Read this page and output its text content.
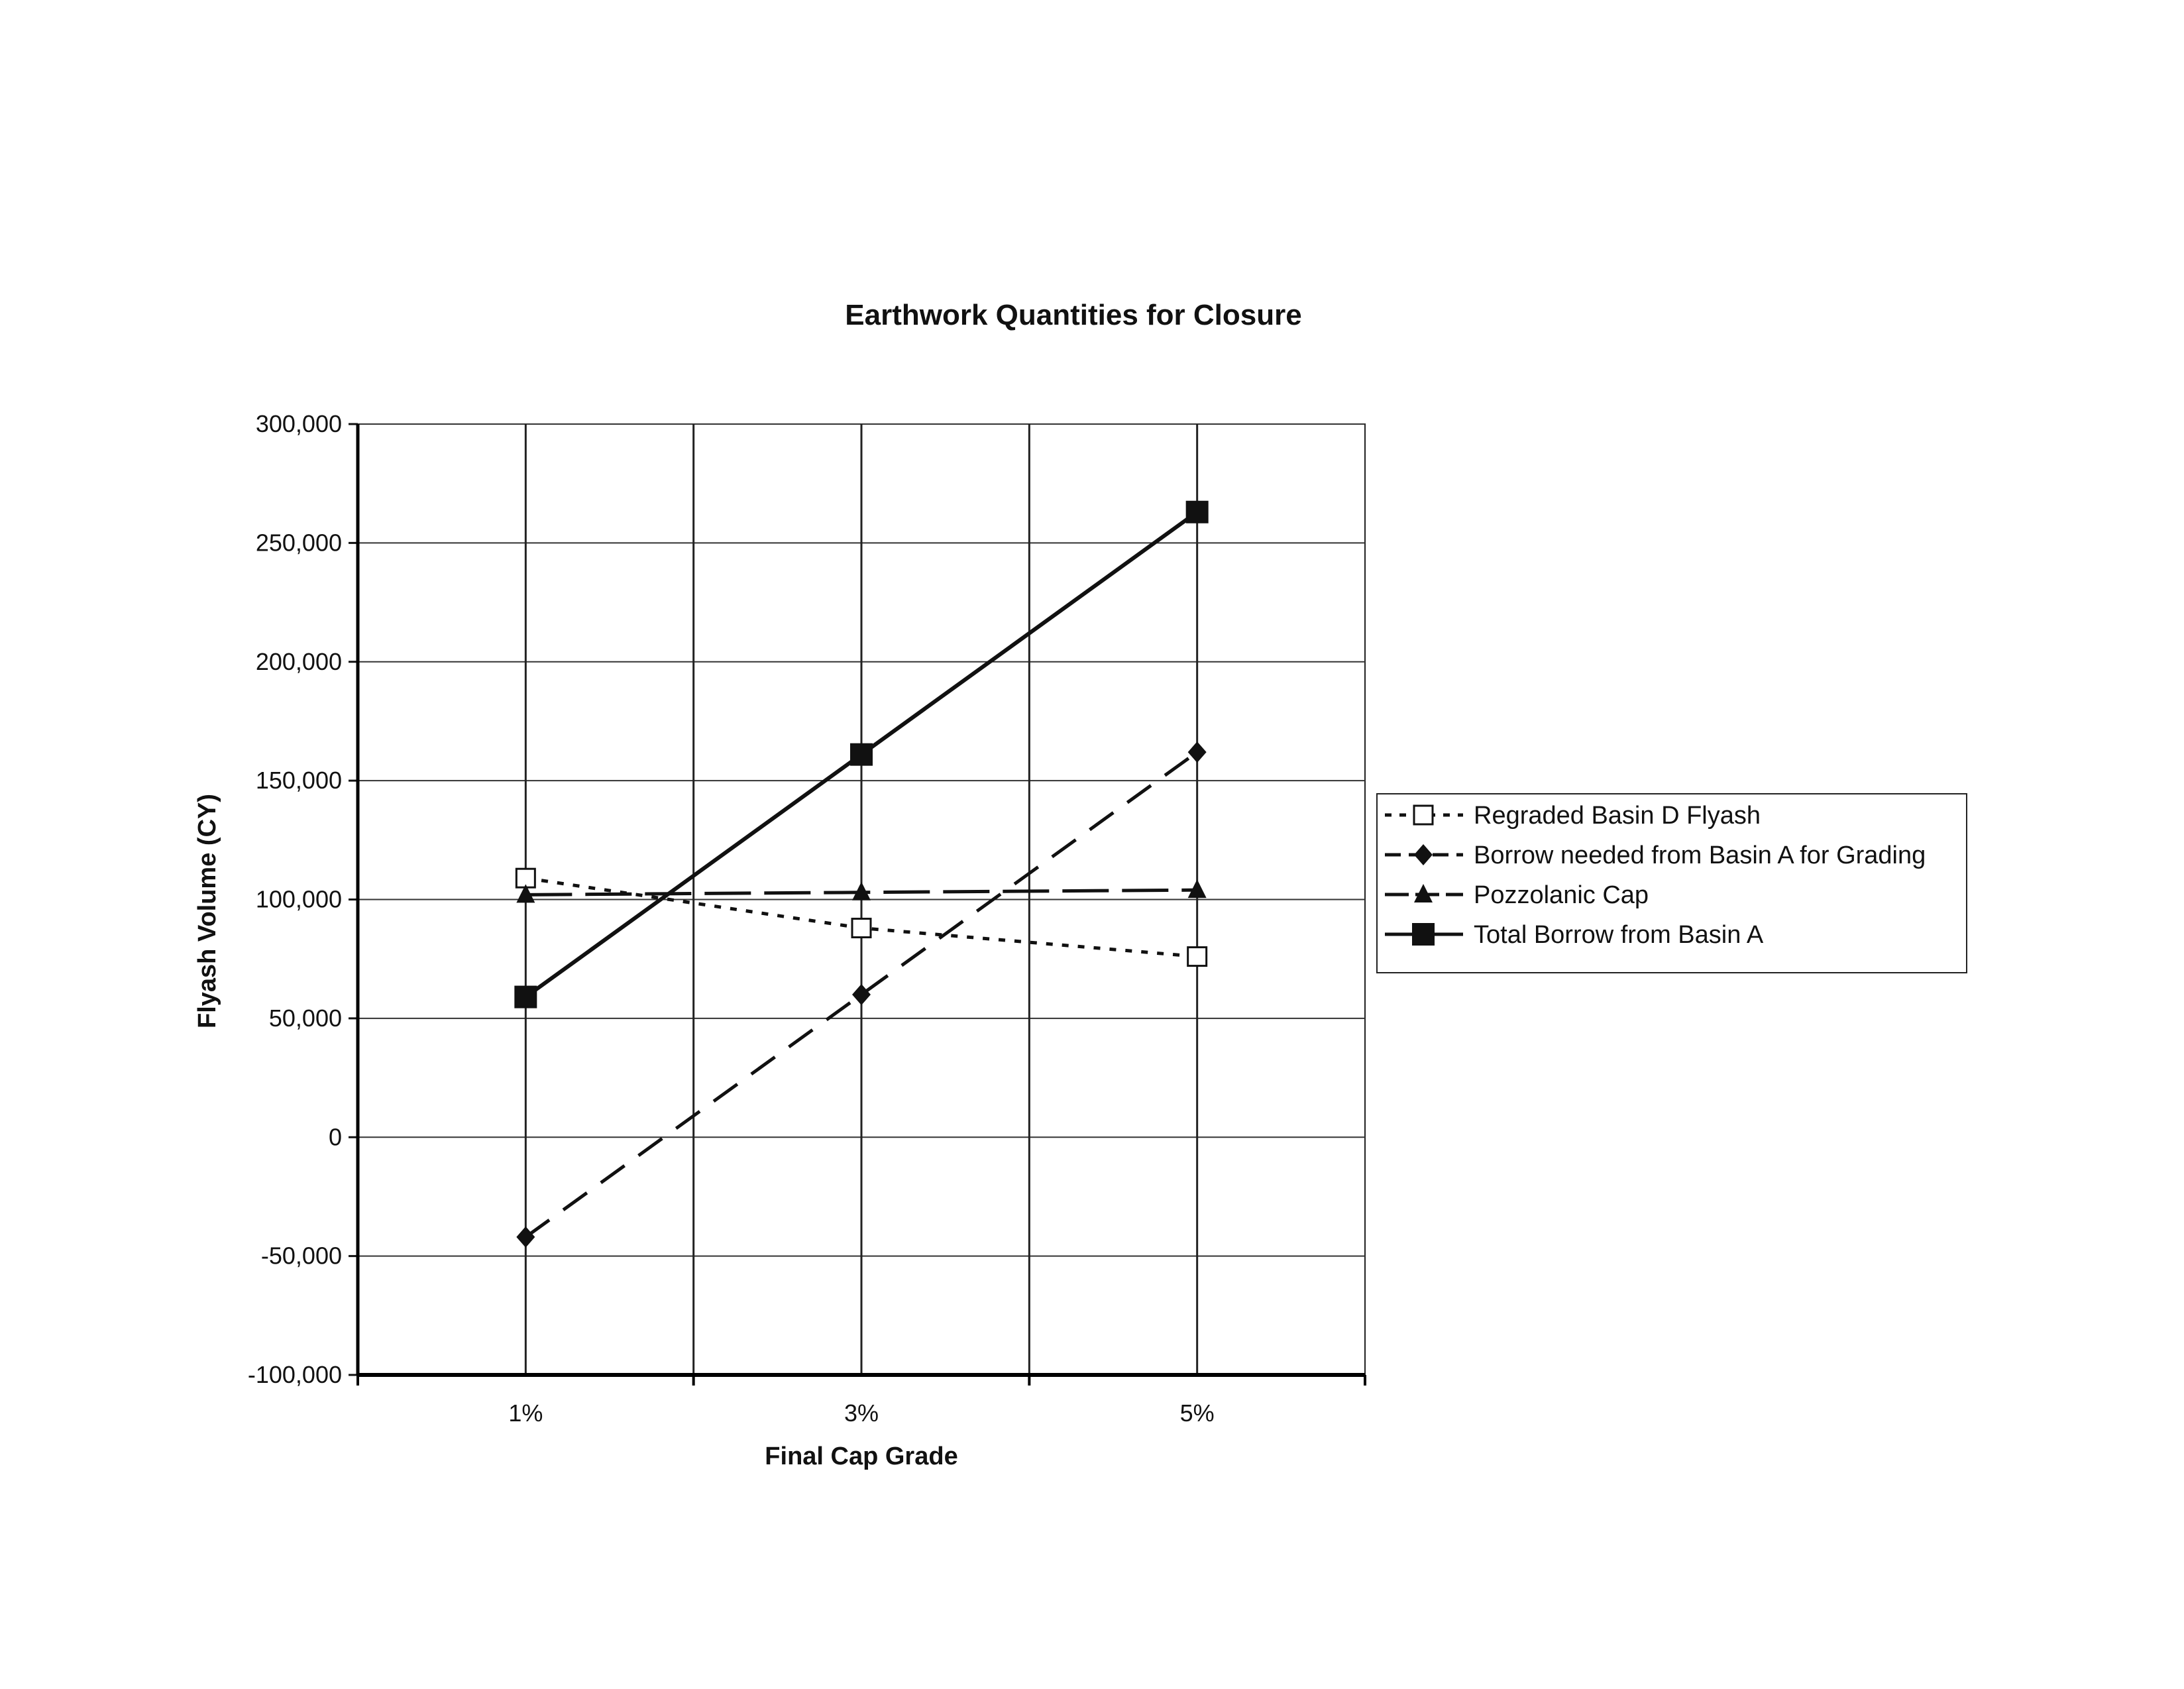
Earthwork Quantities for Closure
-100,000
-50,000
0
50,000
100,000
150,000
200,000
250,000
300,000
1%	3%	5%
Regraded Basin D Flyash
Borrow needed from Basin A for Grading
Pozzolanic Cap
Total Borrow from Basin A
Final Cap Grade
Flyash Volume (CY)
